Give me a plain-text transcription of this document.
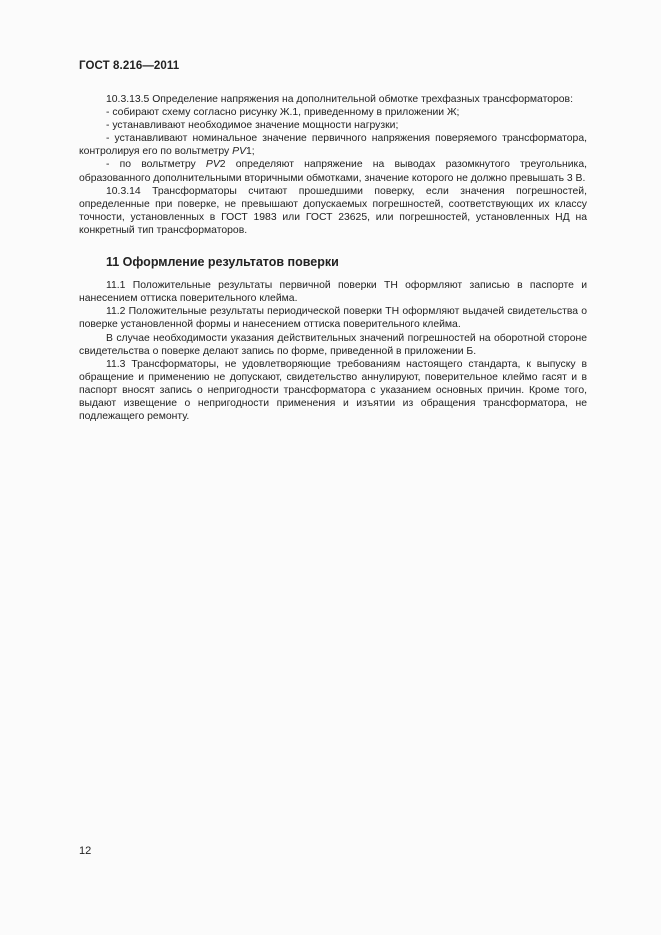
ГОСТ 8.216—2011

10.3.13.5 Определение напряжения на дополнительной обмотке трехфазных трансформаторов:

- собирают схему согласно рисунку Ж.1, приведенному в приложении Ж;

- устанавливают необходимое значение мощности нагрузки;

- устанавливают номинальное значение первичного напряжения поверяемого трансформатора, контролируя его по вольтметру PV1;

- по вольтметру PV2 определяют напряжение на выводах разомкнутого треугольника, образованного дополнительными вторичными обмотками, значение которого не должно превышать 3 В.

10.3.14 Трансформаторы считают прошедшими поверку, если значения погрешностей, определенные при поверке, не превышают допускаемых погрешностей, соответствующих их классу точности, установленных в ГОСТ 1983 или ГОСТ 23625, или погрешностей, установленных НД на конкретный тип трансформаторов.

11 Оформление результатов поверки

11.1 Положительные результаты первичной поверки ТН оформляют записью в паспорте и нанесением оттиска поверительного клейма.

11.2 Положительные результаты периодической поверки ТН оформляют выдачей свидетельства о поверке установленной формы и нанесением оттиска поверительного клейма.

В случае необходимости указания действительных значений погрешностей на оборотной стороне свидетельства о поверке делают запись по форме, приведенной в приложении Б.

11.3 Трансформаторы, не удовлетворяющие требованиям настоящего стандарта, к выпуску в обращение и применению не допускают, свидетельство аннулируют, поверительное клеймо гасят и в паспорт вносят запись о непригодности трансформатора с указанием основных причин. Кроме того, выдают извещение о непригодности применения и изъятии из обращения трансформатора, не подлежащего ремонту.

12
